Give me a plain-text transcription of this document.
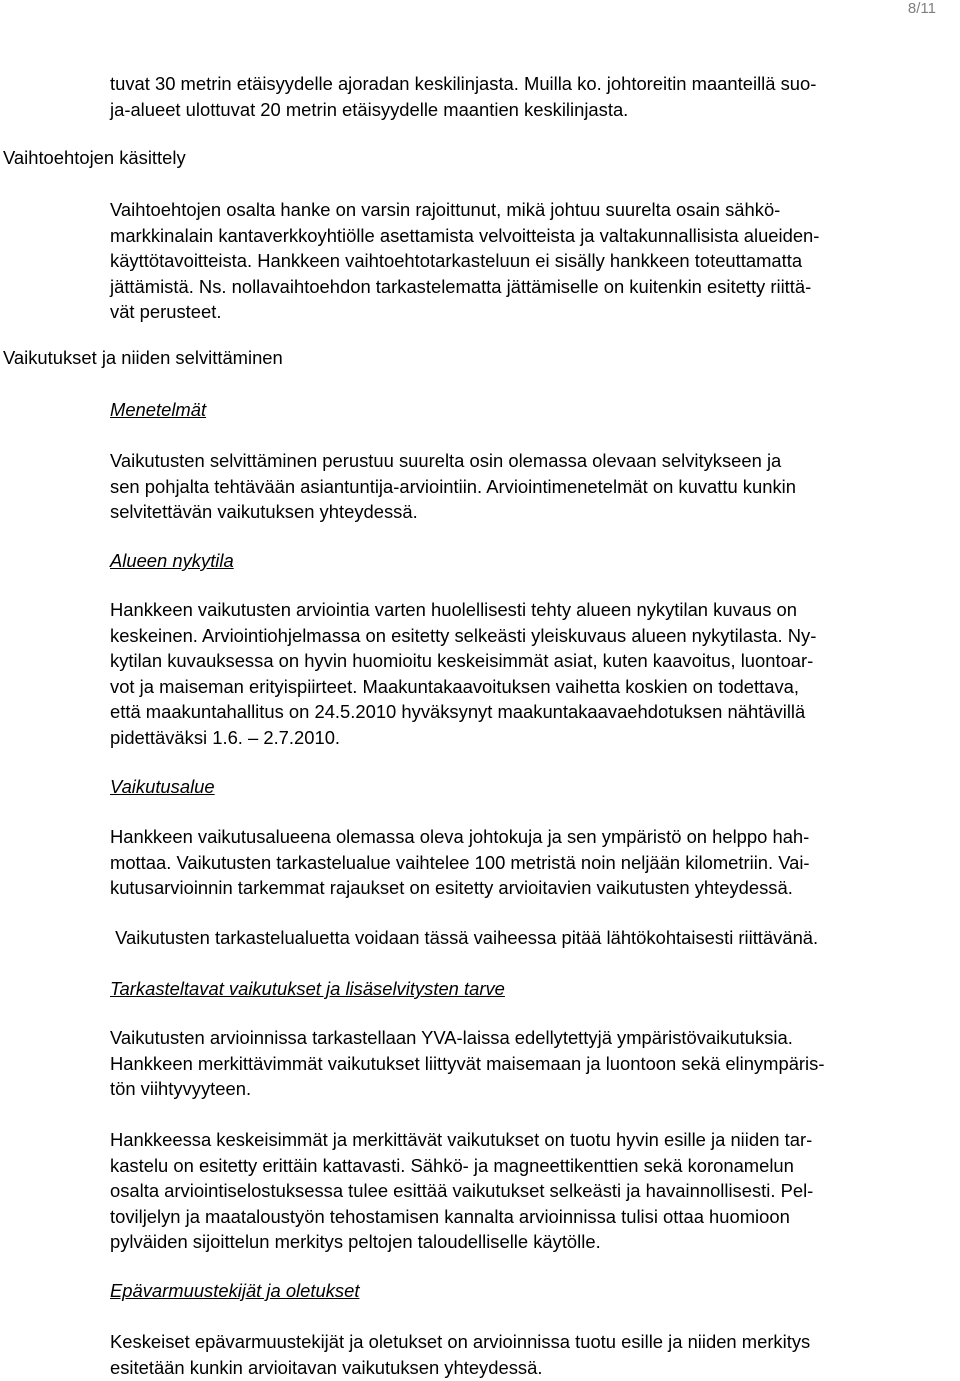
8/11
tuvat 30 metrin etäisyydelle ajoradan keskilinjasta. Muilla ko. johtoreitin maanteillä suo-
ja-alueet ulottuvat 20 metrin etäisyydelle maantien keskilinjasta.
Vaihtoehtojen käsittely
Vaihtoehtojen osalta hanke on varsin rajoittunut, mikä johtuu suurelta osain sähkö-
markkinalain kantaverkkoyhtiölle asettamista velvoitteista ja valtakunnallisista alueiden-
käyttötavoitteista. Hankkeen vaihtoehtotarkasteluun ei sisälly hankkeen toteuttamatta
jättämistä. Ns. nollavaihtoehdon tarkastelematta jättämiselle on kuitenkin esitetty riittä-
vät perusteet.
Vaikutukset ja niiden selvittäminen
Menetelmät
Vaikutusten selvittäminen perustuu suurelta osin olemassa olevaan selvitykseen ja
sen pohjalta tehtävään asiantuntija-arviointiin. Arviointimenetelmät on kuvattu kunkin
selvitettävän vaikutuksen yhteydessä.
Alueen nykytila
Hankkeen vaikutusten arviointia varten huolellisesti tehty alueen nykytilan kuvaus on
keskeinen. Arviointiohjelmassa on esitetty selkeästi yleiskuvaus alueen nykytilasta. Ny-
kytilan kuvauksessa on hyvin huomioitu keskeisimmät asiat, kuten kaavoitus, luontoar-
vot ja maiseman erityispiirteet. Maakuntakaavoituksen vaihetta koskien on todettava,
että maakuntahallitus on 24.5.2010 hyväksynyt maakuntakaavaehdotuksen nähtävillä
pidettäväksi 1.6. – 2.7.2010.
Vaikutusalue
Hankkeen vaikutusalueena olemassa oleva johtokuja ja sen ympäristö on helppo hah-
mottaa. Vaikutusten tarkastelualue vaihtelee 100 metristä noin neljään kilometriin. Vai-
kutusarvioinnin tarkemmat rajaukset on esitetty arvioitavien vaikutusten yhteydessä.
Vaikutusten tarkastelualuetta voidaan tässä vaiheessa pitää lähtökohtaisesti riittävänä.
Tarkasteltavat vaikutukset ja lisäselvitysten tarve
Vaikutusten arvioinnissa tarkastellaan YVA-laissa edellytettyjä ympäristövaikutuksia.
Hankkeen merkittävimmät vaikutukset liittyvät maisemaan ja luontoon sekä elinympäris-
tön viihtyvyyteen.
Hankkeessa keskeisimmät ja merkittävät vaikutukset on tuotu hyvin esille ja niiden tar-
kastelu on esitetty erittäin kattavasti. Sähkö- ja magneettikenttien sekä koronamelun
osalta arviointiselostuksessa tulee esittää vaikutukset selkeästi ja havainnollisesti. Pel-
toviljelyn ja maataloustyön tehostamisen kannalta arvioinnissa tulisi ottaa huomioon
pylväiden sijoittelun merkitys peltojen taloudelliselle käytölle.
Epävarmuustekijät ja oletukset
Keskeiset epävarmuustekijät ja oletukset on arvioinnissa tuotu esille ja niiden merkitys
esitetään kunkin arvioitavan vaikutuksen yhteydessä.
